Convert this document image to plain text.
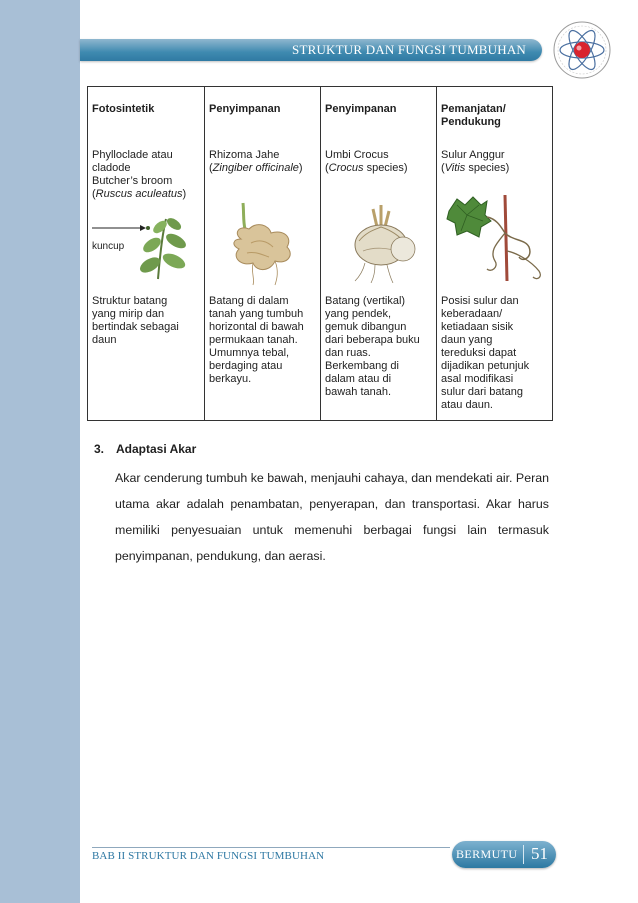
STRUKTUR DAN FUNGSI TUMBUHAN
Fotosintetik
Phylloclade atau
cladode
Butcher’s broom
(Ruscus aculeatus)
kuncup
Struktur batang
yang mirip dan
bertindak sebagai
daun
Penyimpanan
Rhizoma Jahe
(Zingiber officinale)
Batang di dalam
tanah yang tumbuh
horizontal di bawah
permukaan tanah.
Umumnya tebal,
berdaging atau
berkayu.
Penyimpanan
Umbi Crocus
(Crocus species)
Batang (vertikal)
yang pendek,
gemuk dibangun
dari beberapa buku
dan ruas.
Berkembang di
dalam atau di
bawah tanah.
Pemanjatan/
Pendukung
Sulur Anggur
(Vitis species)
Posisi sulur dan
keberadaan/
ketiadaan sisik
daun yang
tereduksi dapat
dijadikan petunjuk
asal modifikasi
sulur dari batang
atau daun.
3. Adaptasi Akar
Akar cenderung tumbuh ke bawah, menjauhi cahaya, dan mendekati air. Peran utama akar adalah penambatan, penyerapan, dan transportasi. Akar harus memiliki penyesuaian untuk memenuhi berbagai fungsi lain termasuk penyimpanan, pendukung, dan aerasi.
BAB II STRUKTUR DAN FUNGSI TUMBUHAN	BERMUTU 51
